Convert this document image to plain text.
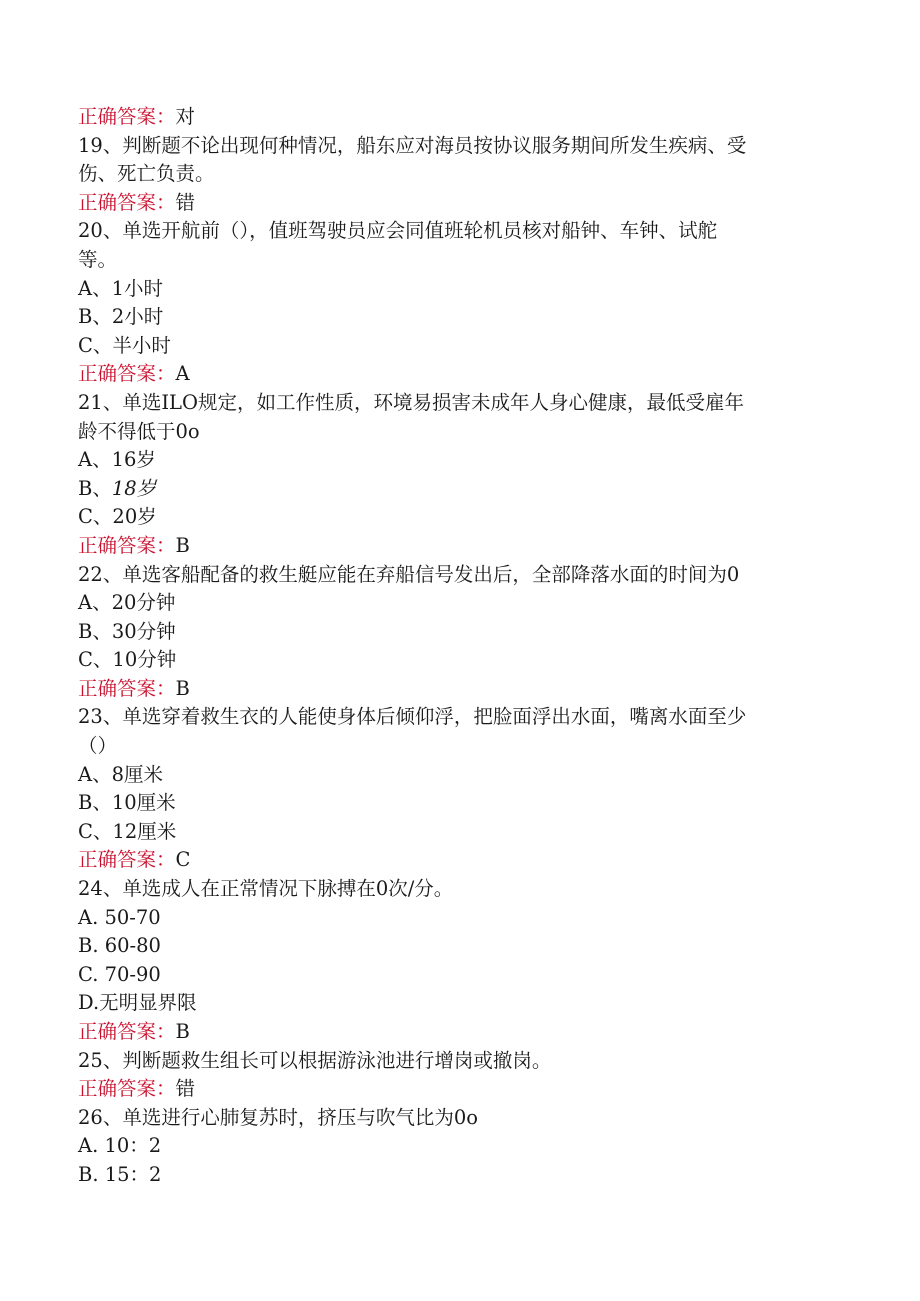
正确答案：对
19、判断题不论出现何种情况，船东应对海员按协议服务期间所发生疾病、受
伤、死亡负责。
正确答案：错
20、单选开航前（），值班驾驶员应会同值班轮机员核对船钟、车钟、试舵
等。
A、1小时
B、2小时
C、半小时
正确答案：A
21、单选ILO规定，如工作性质，环境易损害未成年人身心健康，最低受雇年
龄不得低于0o
A、16岁
B、18岁
C、20岁
正确答案：B
22、单选客船配备的救生艇应能在弃船信号发出后，全部降落水面的时间为0
A、20分钟
B、30分钟
C、10分钟
正确答案：B
23、单选穿着救生衣的人能使身体后倾仰浮，把脸面浮出水面，嘴离水面至少
（）
A、8厘米
B、10厘米
C、12厘米
正确答案：C
24、单选成人在正常情况下脉搏在0次/分。
A. 50-70
B. 60-80
C. 70-90
D.无明显界限
正确答案：B
25、判断题救生组长可以根据游泳池进行增岗或撤岗。
正确答案：错
26、单选进行心肺复苏时，挤压与吹气比为0o
A. 10：2
B. 15：2
